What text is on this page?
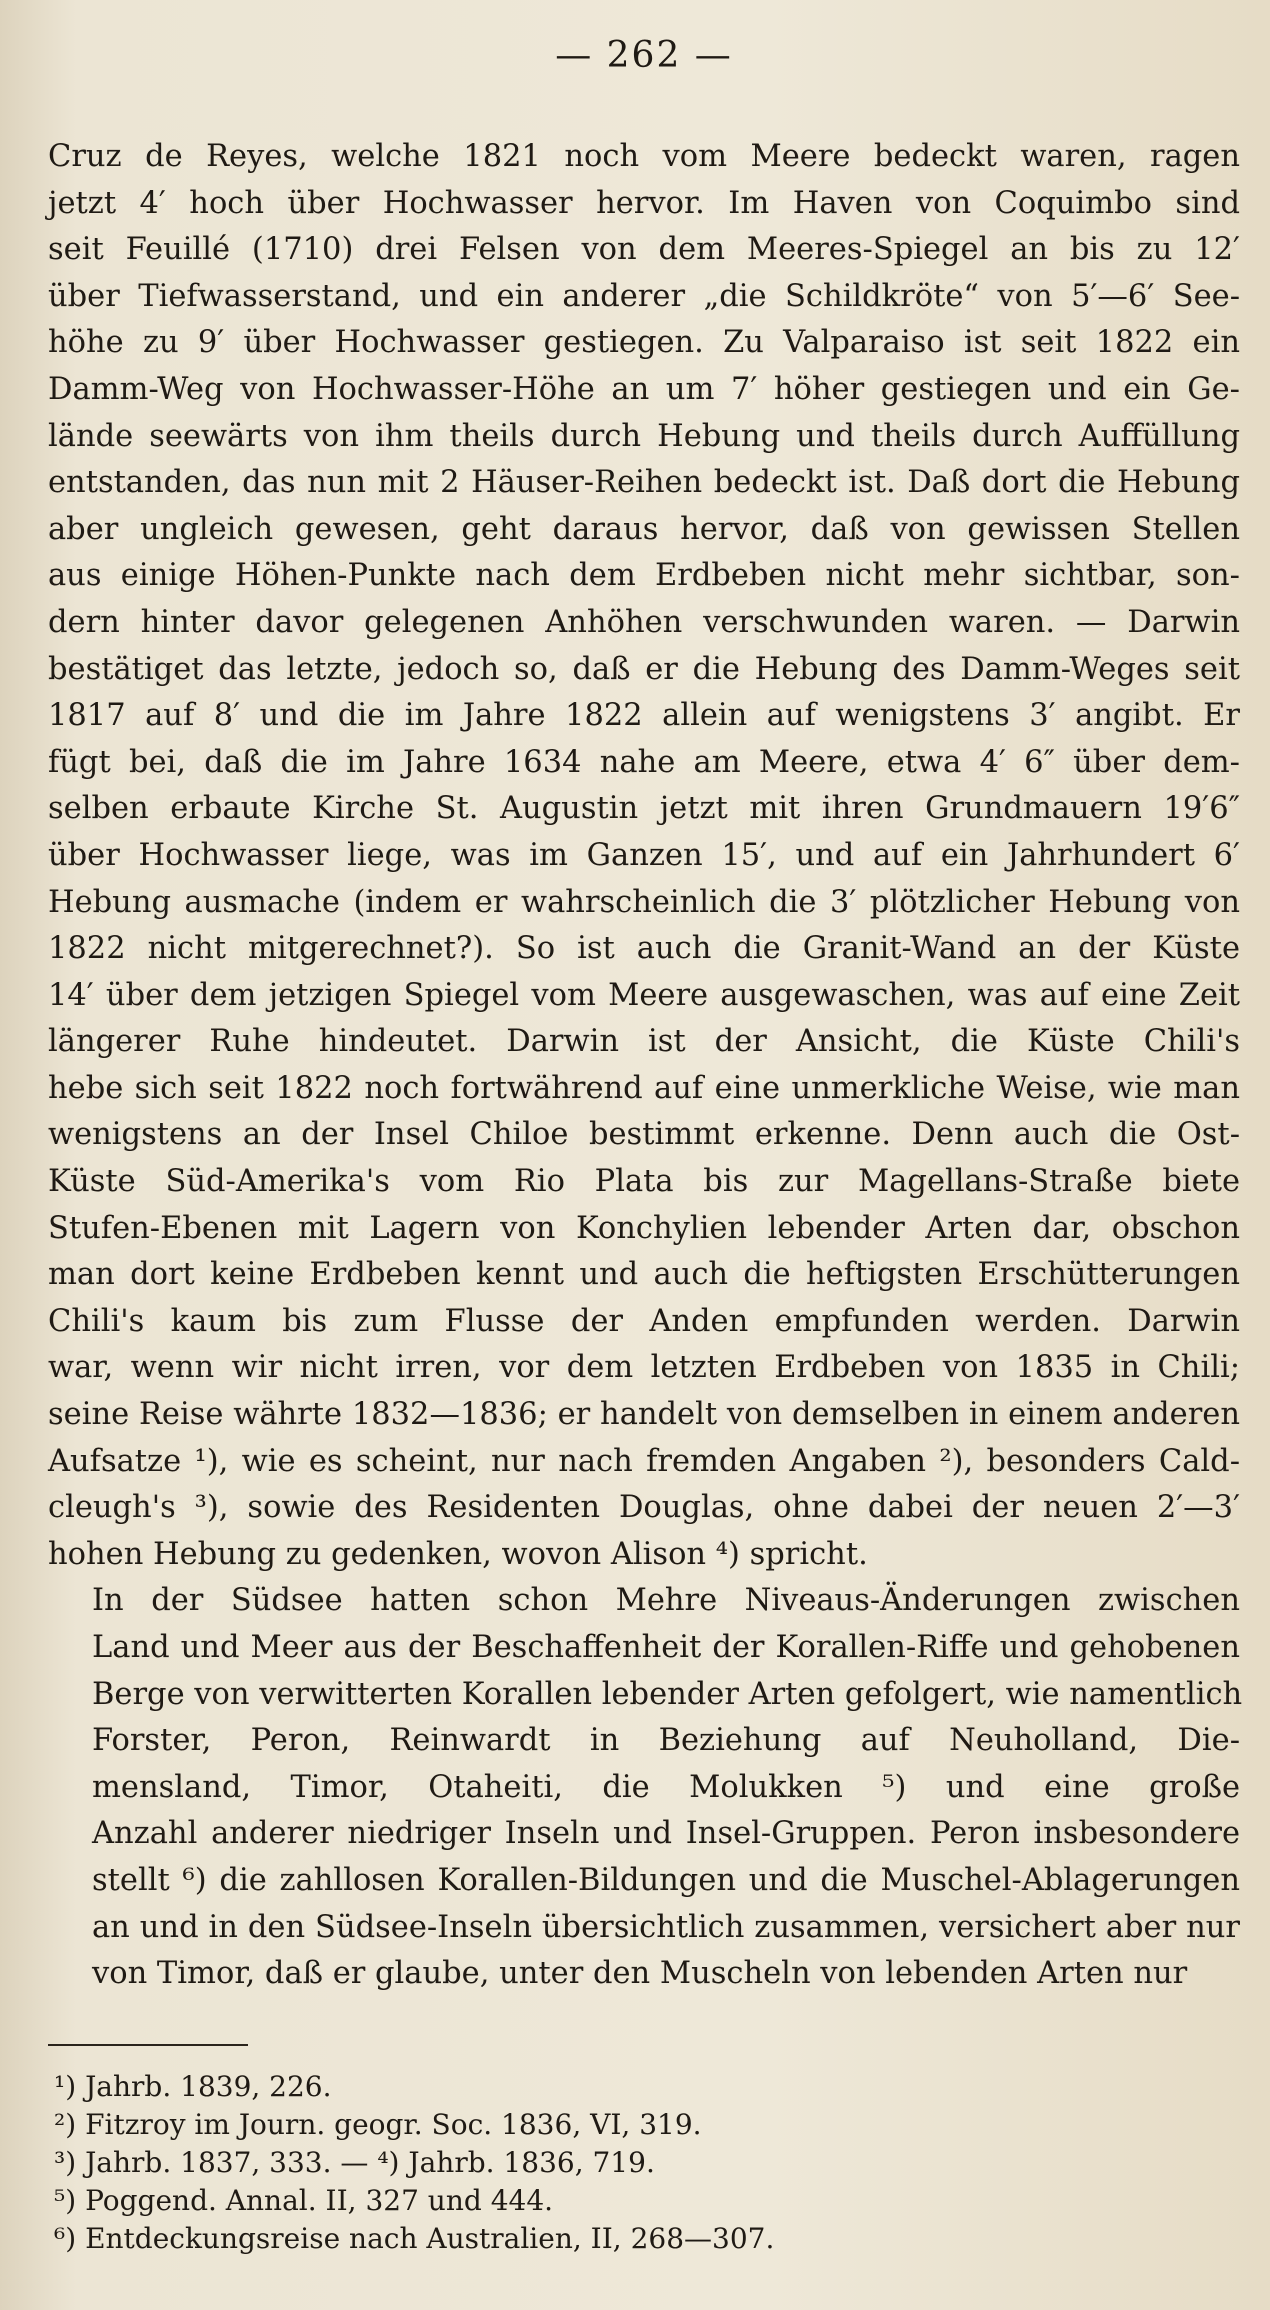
— 262 —

Cruz de Reyes, welche 1821 noch vom Meere bedeckt waren, ragen
jetzt 4′ hoch über Hochwasser hervor. Im Haven von Coquimbo sind
seit Feuillé (1710) drei Felsen von dem Meeres-Spiegel an bis zu 12′
über Tiefwasserstand, und ein anderer „die Schildkröte“ von 5′—6′ See-
höhe zu 9′ über Hochwasser gestiegen. Zu Valparaiso ist seit 1822 ein
Damm-Weg von Hochwasser-Höhe an um 7′ höher gestiegen und ein Ge-
lände seewärts von ihm theils durch Hebung und theils durch Auffüllung
entstanden, das nun mit 2 Häuser-Reihen bedeckt ist. Daß dort die Hebung
aber ungleich gewesen, geht daraus hervor, daß von gewissen Stellen
aus einige Höhen-Punkte nach dem Erdbeben nicht mehr sichtbar, son-
dern hinter davor gelegenen Anhöhen verschwunden waren. — Darwin
bestätiget das letzte, jedoch so, daß er die Hebung des Damm-Weges seit
1817 auf 8′ und die im Jahre 1822 allein auf wenigstens 3′ angibt. Er
fügt bei, daß die im Jahre 1634 nahe am Meere, etwa 4′ 6″ über dem-
selben erbaute Kirche St. Augustin jetzt mit ihren Grundmauern 19′6″
über Hochwasser liege, was im Ganzen 15′, und auf ein Jahrhundert 6′
Hebung ausmache (indem er wahrscheinlich die 3′ plötzlicher Hebung von
1822 nicht mitgerechnet?). So ist auch die Granit-Wand an der Küste
14′ über dem jetzigen Spiegel vom Meere ausgewaschen, was auf eine Zeit
längerer Ruhe hindeutet. Darwin ist der Ansicht, die Küste Chili's
hebe sich seit 1822 noch fortwährend auf eine unmerkliche Weise, wie man
wenigstens an der Insel Chiloe bestimmt erkenne. Denn auch die Ost-
Küste Süd-Amerika's vom Rio Plata bis zur Magellans-Straße biete
Stufen-Ebenen mit Lagern von Konchylien lebender Arten dar, obschon
man dort keine Erdbeben kennt und auch die heftigsten Erschütterungen
Chili's kaum bis zum Flusse der Anden empfunden werden. Darwin
war, wenn wir nicht irren, vor dem letzten Erdbeben von 1835 in Chili;
seine Reise währte 1832—1836; er handelt von demselben in einem anderen
Aufsatze ¹), wie es scheint, nur nach fremden Angaben ²), besonders Cald-
cleugh's ³), sowie des Residenten Douglas, ohne dabei der neuen 2′—3′
hohen Hebung zu gedenken, wovon Alison ⁴) spricht.

In der Südsee hatten schon Mehre Niveaus-Änderungen zwischen
Land und Meer aus der Beschaffenheit der Korallen-Riffe und gehobenen
Berge von verwitterten Korallen lebender Arten gefolgert, wie namentlich
Forster, Peron, Reinwardt in Beziehung auf Neuholland, Die-
mensland, Timor, Otaheiti, die Molukken ⁵) und eine große
Anzahl anderer niedriger Inseln und Insel-Gruppen. Peron insbesondere
stellt ⁶) die zahllosen Korallen-Bildungen und die Muschel-Ablagerungen
an und in den Südsee-Inseln übersichtlich zusammen, versichert aber nur
von Timor, daß er glaube, unter den Muscheln von lebenden Arten nur

¹) Jahrb. 1839, 226.
²) Fitzroy im Journ. geogr. Soc. 1836, VI, 319.
³) Jahrb. 1837, 333. — ⁴) Jahrb. 1836, 719.
⁵) Poggend. Annal. II, 327 und 444.
⁶) Entdeckungsreise nach Australien, II, 268—307.
